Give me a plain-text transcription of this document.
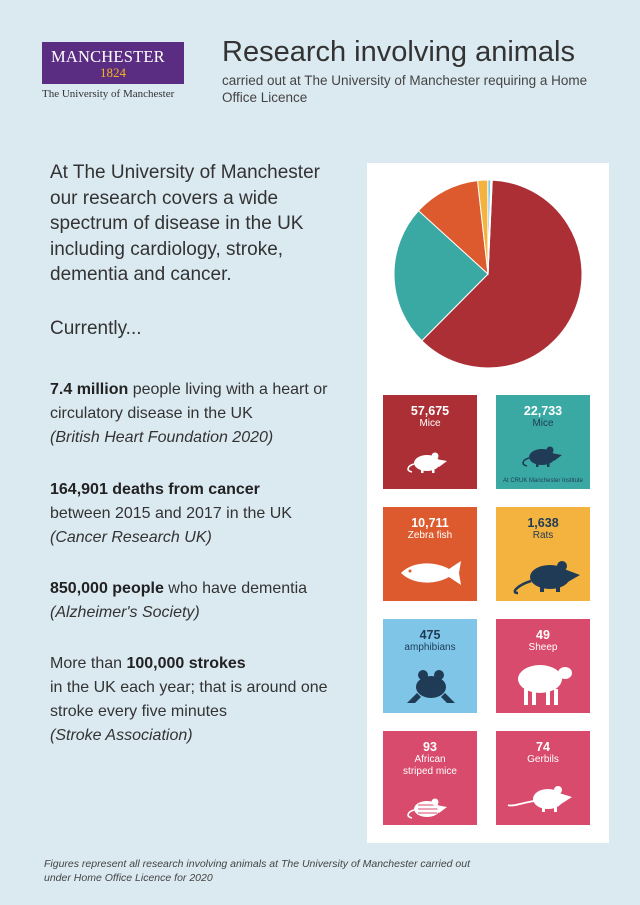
MANCHESTER
1824
The University of Manchester
Research involving animals
carried out at The University of Manchester requiring a Home Office Licence
At The University of Manchester our research covers a wide spectrum of disease in the UK including cardiology, stroke, dementia and cancer.
Currently...
7.4 million people living with a heart or circulatory disease in the UK
(British Heart Foundation 2020)
164,901 deaths from cancer
between 2015 and 2017 in the UK
(Cancer Research UK)
850,000 people who have dementia (Alzheimer's Society)
More than 100,000 strokes
in the UK each year; that is around one stroke every five minutes
(Stroke Association)
57,675
Mice
22,733
Mice
At CRUK Manchester Institute
10,711
Zebra fish
1,638
Rats
475
amphibians
49
Sheep
93
African striped mice
74
Gerbils
Figures represent all research involving animals at The University of Manchester carried out under Home Office Licence for 2020
